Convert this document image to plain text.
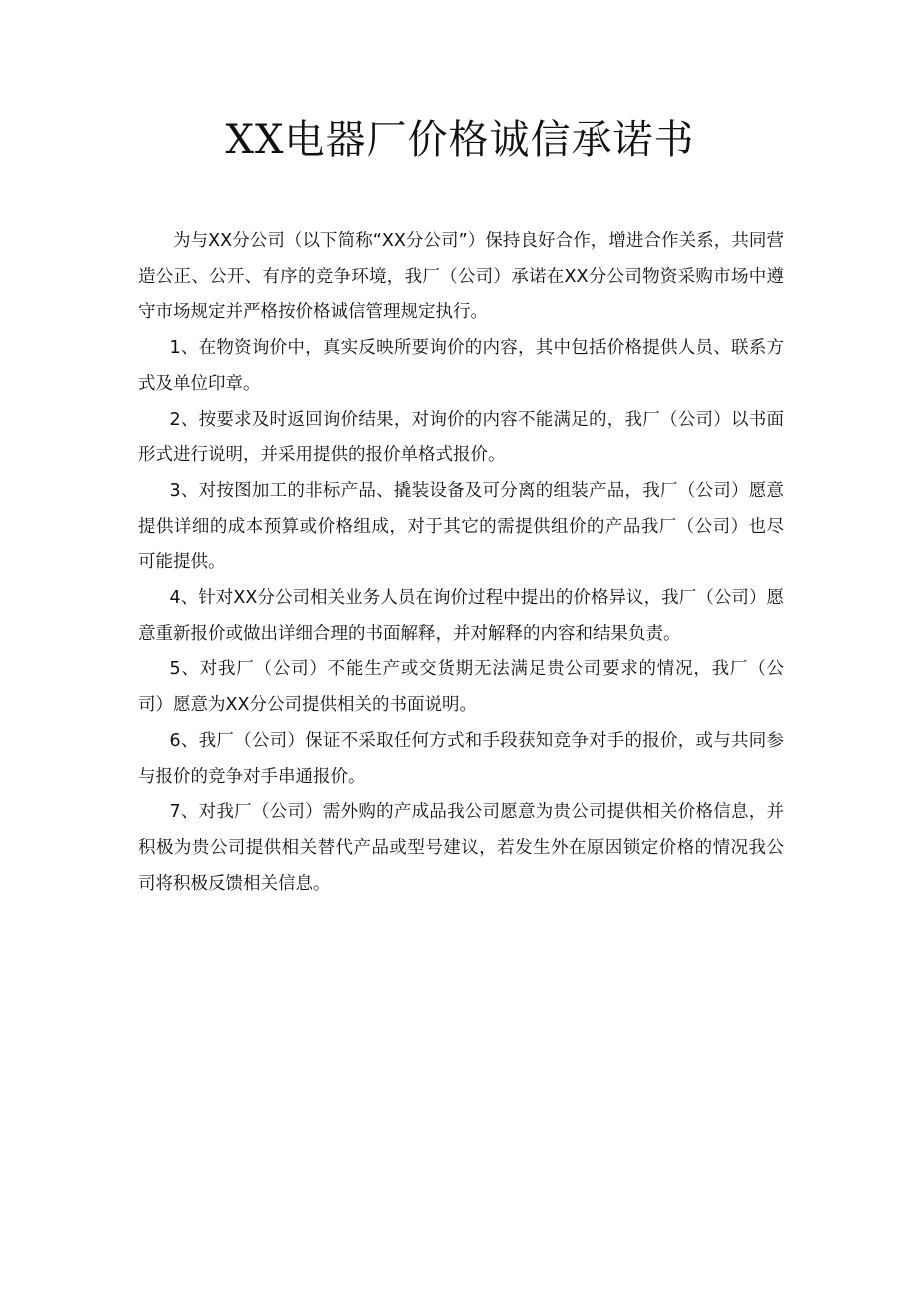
XX电器厂价格诚信承诺书

为与XX分公司（以下简称“XX分公司”）保持良好合作，增进合作关系，共同营造公正、公开、有序的竞争环境，我厂（公司）承诺在XX分公司物资采购市场中遵守市场规定并严格按价格诚信管理规定执行。

1、在物资询价中，真实反映所要询价的内容，其中包括价格提供人员、联系方式及单位印章。

2、按要求及时返回询价结果，对询价的内容不能满足的，我厂（公司）以书面形式进行说明，并采用提供的报价单格式报价。

3、对按图加工的非标产品、撬装设备及可分离的组装产品，我厂（公司）愿意提供详细的成本预算或价格组成，对于其它的需提供组价的产品我厂（公司）也尽可能提供。

4、针对XX分公司相关业务人员在询价过程中提出的价格异议，我厂（公司）愿意重新报价或做出详细合理的书面解释，并对解释的内容和结果负责。

5、对我厂（公司）不能生产或交货期无法满足贵公司要求的情况，我厂（公司）愿意为XX分公司提供相关的书面说明。

6、我厂（公司）保证不采取任何方式和手段获知竞争对手的报价，或与共同参与报价的竞争对手串通报价。

7、对我厂（公司）需外购的产成品我公司愿意为贵公司提供相关价格信息，并积极为贵公司提供相关替代产品或型号建议，若发生外在原因锁定价格的情况我公司将积极反馈相关信息。
